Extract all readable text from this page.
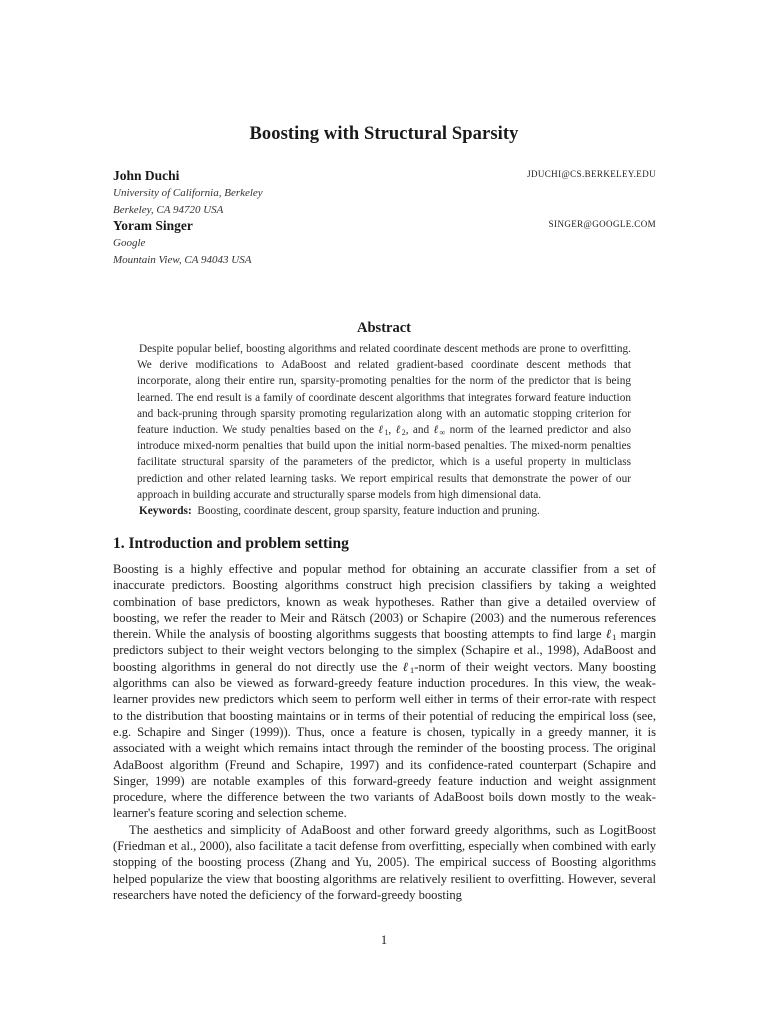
Boosting with Structural Sparsity
John Duchi	JDUCHI@CS.BERKELEY.EDU
University of California, Berkeley
Berkeley, CA 94720 USA
Yoram Singer	SINGER@GOOGLE.COM
Google
Mountain View, CA 94043 USA
Abstract

Despite popular belief, boosting algorithms and related coordinate descent methods are prone to overfitting. We derive modifications to AdaBoost and related gradient-based coordinate descent methods that incorporate, along their entire run, sparsity-promoting penalties for the norm of the predictor that is being learned. The end result is a family of coordinate descent algorithms that integrates forward feature induction and back-pruning through sparsity promoting regularization along with an automatic stopping criterion for feature induction. We study penalties based on the ℓ$_1$, ℓ$_2$, and ℓ$_\infty$ norm of the learned predictor and also introduce mixed-norm penalties that build upon the initial norm-based penalties. The mixed-norm penalties facilitate structural sparsity of the parameters of the predictor, which is a useful property in multiclass prediction and other related learning tasks. We report empirical results that demonstrate the power of our approach in building accurate and structurally sparse models from high dimensional data.

Keywords: Boosting, coordinate descent, group sparsity, feature induction and pruning.

1. Introduction and problem setting

Boosting is a highly effective and popular method for obtaining an accurate classifier from a set of inaccurate predictors. Boosting algorithms construct high precision classifiers by taking a weighted combination of base predictors, known as weak hypotheses. Rather than give a detailed overview of boosting, we refer the reader to Meir and Rätsch (2003) or Schapire (2003) and the numerous references therein. While the analysis of boosting algorithms suggests that boosting attempts to find large ℓ$_1$ margin predictors subject to their weight vectors belonging to the simplex (Schapire et al., 1998), AdaBoost and boosting algorithms in general do not directly use the ℓ$_1$-norm of their weight vectors. Many boosting algorithms can also be viewed as forward-greedy feature induction procedures. In this view, the weak-learner provides new predictors which seem to perform well either in terms of their error-rate with respect to the distribution that boosting maintains or in terms of their potential of reducing the empirical loss (see, e.g. Schapire and Singer (1999)). Thus, once a feature is chosen, typically in a greedy manner, it is associated with a weight which remains intact through the reminder of the boosting process. The original AdaBoost algorithm (Freund and Schapire, 1997) and its confidence-rated counterpart (Schapire and Singer, 1999) are notable examples of this forward-greedy feature induction and weight assignment procedure, where the difference between the two variants of AdaBoost boils down mostly to the weak-learner's feature scoring and selection scheme.

The aesthetics and simplicity of AdaBoost and other forward greedy algorithms, such as LogitBoost (Friedman et al., 2000), also facilitate a tacit defense from overfitting, especially when combined with early stopping of the boosting process (Zhang and Yu, 2005). The empirical success of Boosting algorithms helped popularize the view that boosting algorithms are relatively resilient to overfitting. However, several researchers have noted the deficiency of the forward-greedy boosting

1
